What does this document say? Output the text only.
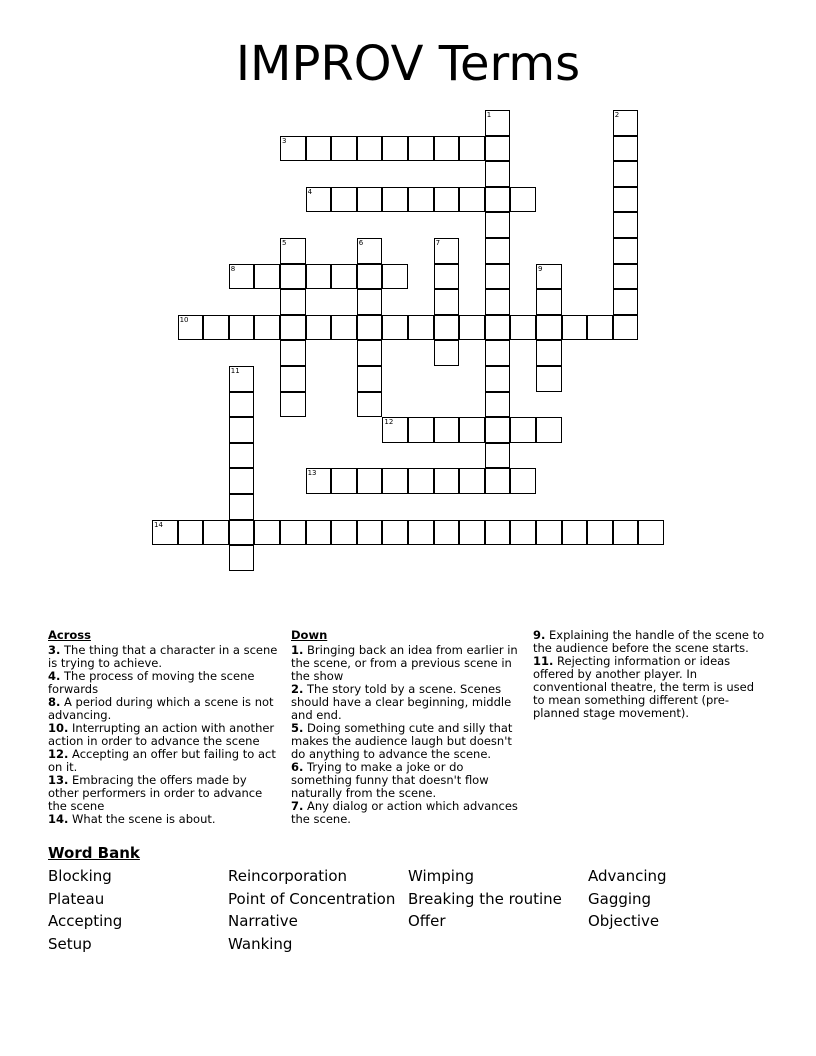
IMPROV Terms
1	2
3
4
5	6	7
8	9
10
11
12
13
14
Across
3. The thing that a character in a scene is trying to achieve.
4. The process of moving the scene forwards
8. A period during which a scene is not advancing.
10. Interrupting an action with another action in order to advance the scene
12. Accepting an offer but failing to act on it.
13. Embracing the offers made by other performers in order to advance the scene
14. What the scene is about.
Down
1. Bringing back an idea from earlier in the scene, or from a previous scene in the show
2. The story told by a scene. Scenes should have a clear beginning, middle and end.
5. Doing something cute and silly that makes the audience laugh but doesn't do anything to advance the scene.
6. Trying to make a joke or do something funny that doesn't flow naturally from the scene.
7. Any dialog or action which advances the scene.
9. Explaining the handle of the scene to the audience before the scene starts.
11. Rejecting information or ideas offered by another player. In conventional theatre, the term is used to mean something different (pre-planned stage movement).
Word Bank
Blocking
Plateau
Accepting
Setup
Reincorporation
Point of Concentration
Narrative
Wanking
Wimping
Breaking the routine
Offer
Advancing
Gagging
Objective
